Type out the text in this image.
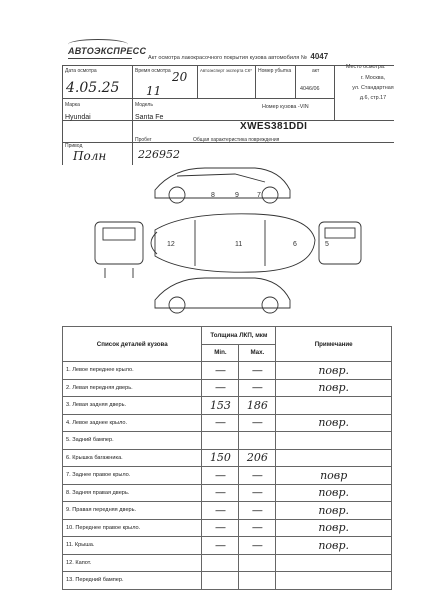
АВТОЭКСПРЕСС
Акт осмотра лакокрасочного покрытия кузова автомобиля № 4047
Дата осмотра
4.05.25
Время осмотра
11
20	Автоэксперт эксперта СК* Номер убытка	акт
4046/06
Место осмотра:
г. Москва,
ул. Стандартная
д.6, стр.17
Марка
Hyundai
Модель
Santa Fe
Номер кузова -VIN
XWES381DDI
Привод
Полн
Пробег
226952
Общая характеристика повреждения
8	9	7
12	11	6	5
Список деталей кузова	Толщина ЛКП, мкм		Примечание
	Min.	Max.	
1. Левое переднее крыло.	—	—	повр.
2. Левая передняя дверь.	—	—	повр.
3. Левая задняя дверь.	153	186	
4. Левое заднее крыло.	—	—	повр.
5. Задний бампер.			
6. Крышка багажника.	150	206	
7. Заднее правое крыло.	—	—	повр
8. Задняя правая дверь.	—	—	повр.
9. Правая передняя дверь.	—	—	повр.
10. Переднее правое крыло.	—	—	повр.
11. Крыша.	—	—	повр.
12. Капот.			
13. Передний бампер.			
